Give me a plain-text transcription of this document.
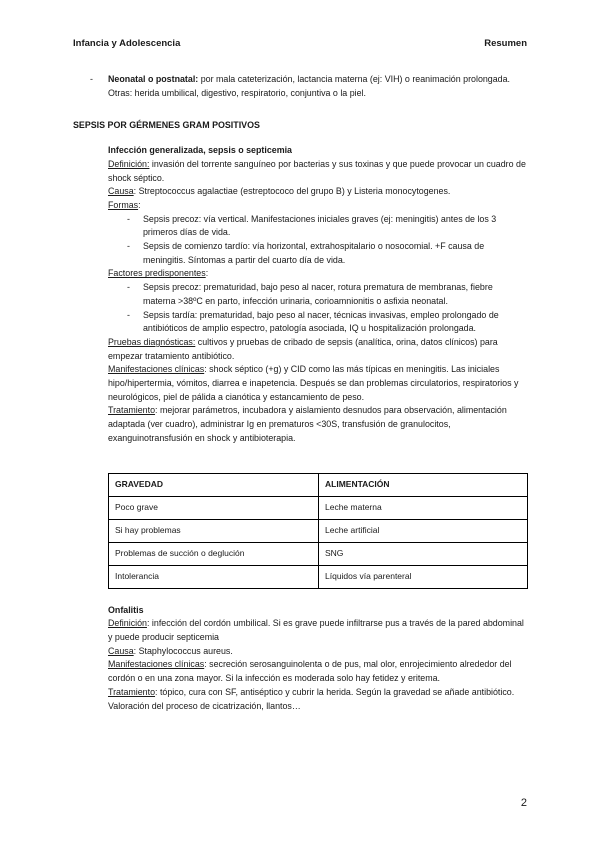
Infancia y Adolescencia	Resumen
- Neonatal o postnatal: por mala cateterización, lactancia materna (ej: VIH) o reanimación prolongada. Otras: herida umbilical, digestivo, respiratorio, conjuntiva o la piel.
SEPSIS POR GÉRMENES GRAM POSITIVOS
Infección generalizada, sepsis o septicemia
Definición: invasión del torrente sanguíneo por bacterias y sus toxinas y que puede provocar un cuadro de shock séptico.
Causa: Streptococcus agalactiae (estreptococo del grupo B) y Listeria monocytogenes.
Formas:
- Sepsis precoz: vía vertical. Manifestaciones iniciales graves (ej: meningitis) antes de los 3 primeros días de vida.
- Sepsis de comienzo tardío: vía horizontal, extrahospitalario o nosocomial. +F causa de meningitis. Síntomas a partir del cuarto día de vida.
Factores predisponentes:
- Sepsis precoz: prematuridad, bajo peso al nacer, rotura prematura de membranas, fiebre materna >38ºC en parto, infección urinaria, corioamnionitis o asfixia neonatal.
- Sepsis tardía: prematuridad, bajo peso al nacer, técnicas invasivas, empleo prolongado de antibióticos de amplio espectro, patología asociada, IQ u hospitalización prolongada.
Pruebas diagnósticas: cultivos y pruebas de cribado de sepsis (analítica, orina, datos clínicos) para empezar tratamiento antibiótico.
Manifestaciones clínicas: shock séptico (+g) y CID como las más típicas en meningitis. Las iniciales hipo/hipertermia, vómitos, diarrea e inapetencia. Después se dan problemas circulatorios, respiratorios y neurológicos, piel de pálida a cianótica y estancamiento de peso.
Tratamiento: mejorar parámetros, incubadora y aislamiento desnudos para observación, alimentación adaptada (ver cuadro), administrar Ig en prematuros <30S, transfusión de granulocitos, exanguinotransfusión en shock y antibioterapia.
GRAVEDAD	ALIMENTACIÓN
Poco grave	Leche materna
Si hay problemas	Leche artificial
Problemas de succión o deglución	SNG
Intolerancia	Líquidos vía parenteral
Onfalitis
Definición: infección del cordón umbilical. Si es grave puede infiltrarse pus a través de la pared abdominal y puede producir septicemia
Causa: Staphylococcus aureus.
Manifestaciones clínicas: secreción serosanguinolenta o de pus, mal olor, enrojecimiento alrededor del cordón o en una zona mayor. Si la infección es moderada solo hay fetidez y eritema.
Tratamiento: tópico, cura con SF, antiséptico y cubrir la herida. Según la gravedad se añade antibiótico. Valoración del proceso de cicatrización, llantos…
2
